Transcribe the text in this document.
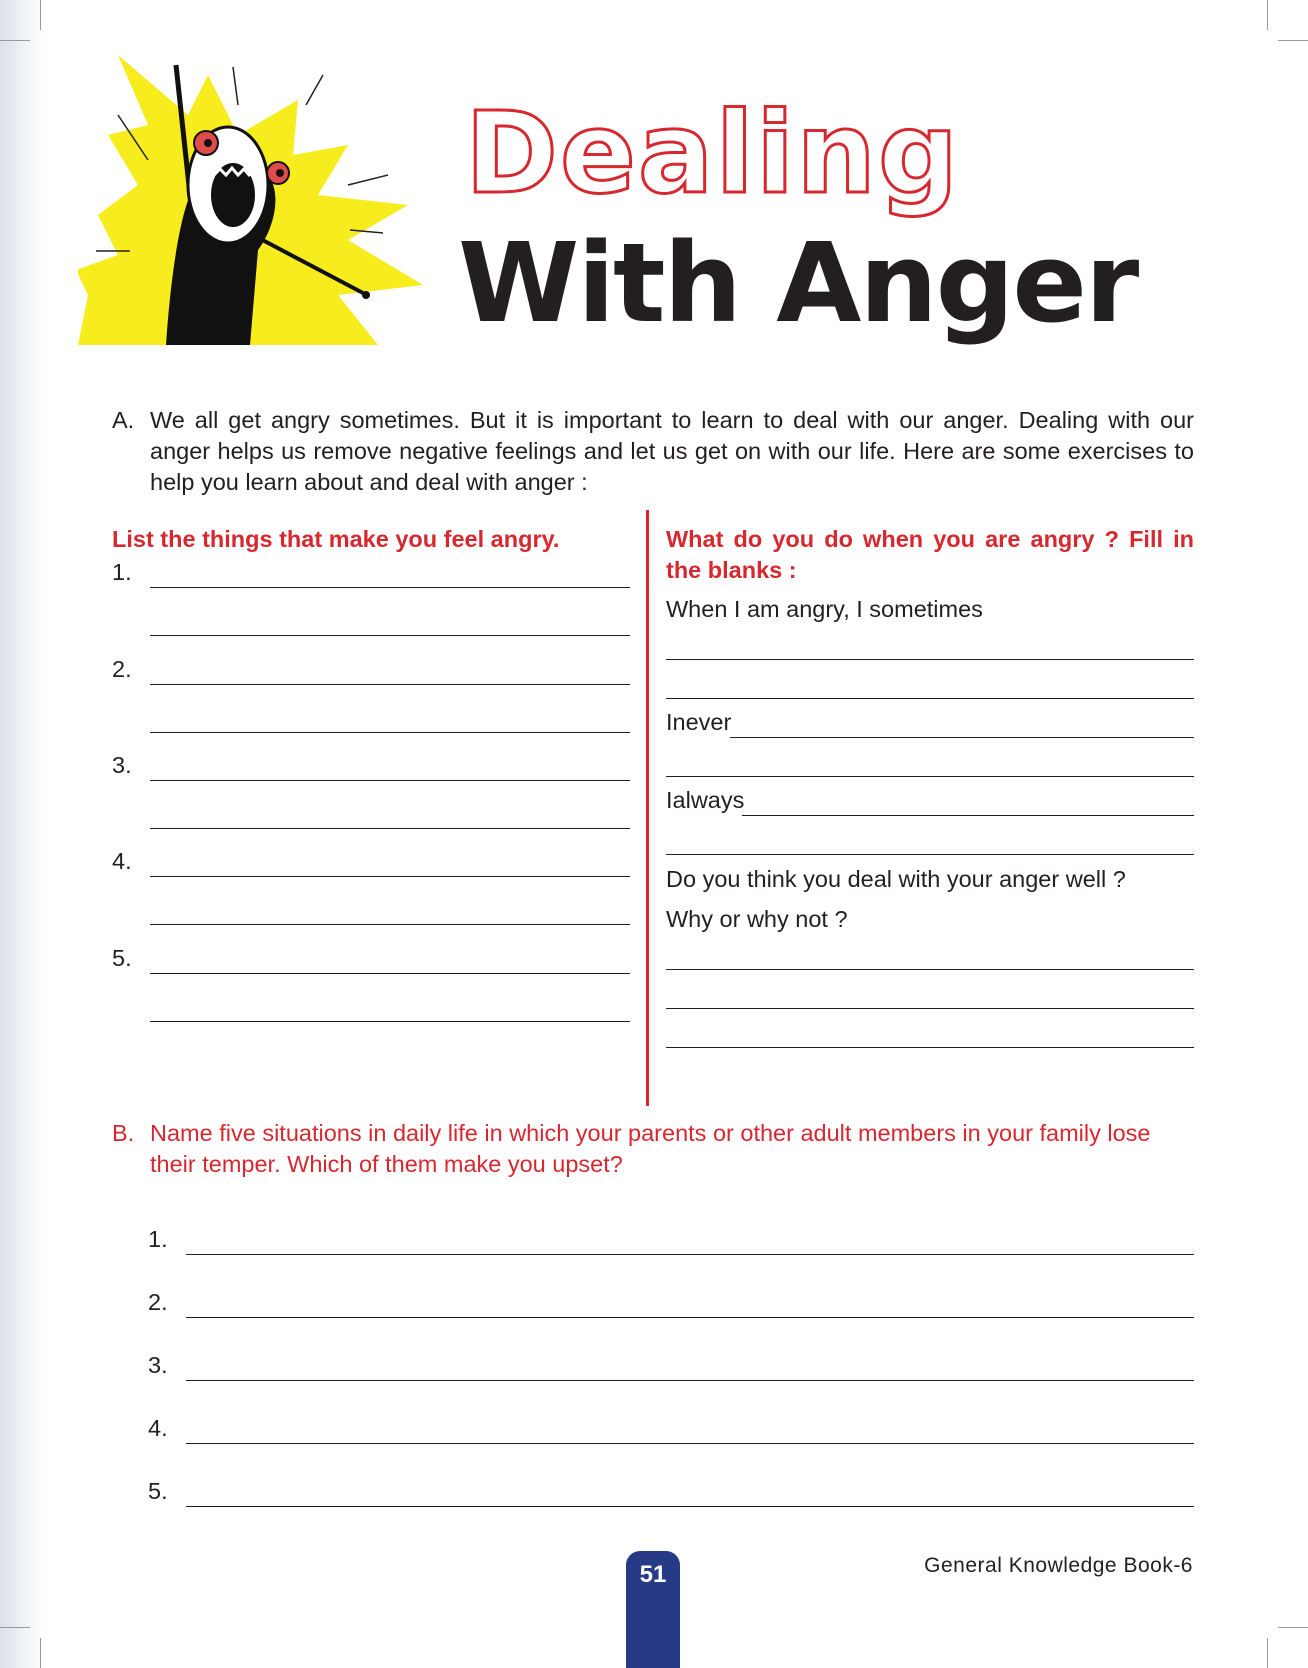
Dealing
With Anger
A. We all get angry sometimes. But it is important to learn to deal with our anger. Dealing with our anger helps us remove negative feelings and let us get on with our life. Here are some exercises to help you learn about and deal with anger :
List the things that make you feel angry.
1.
2.
3.
4.
5.
What do you do when you are angry ? Fill in the blanks :
When I am angry, I sometimes
Inever
Ialways
Do you think you deal with your anger well ?
Why or why not ?
B. Name five situations in daily life in which your parents or other adult members in your family lose their temper. Which of them make you upset?
1.
2.
3.
4.
5.
51	General Knowledge Book-6
